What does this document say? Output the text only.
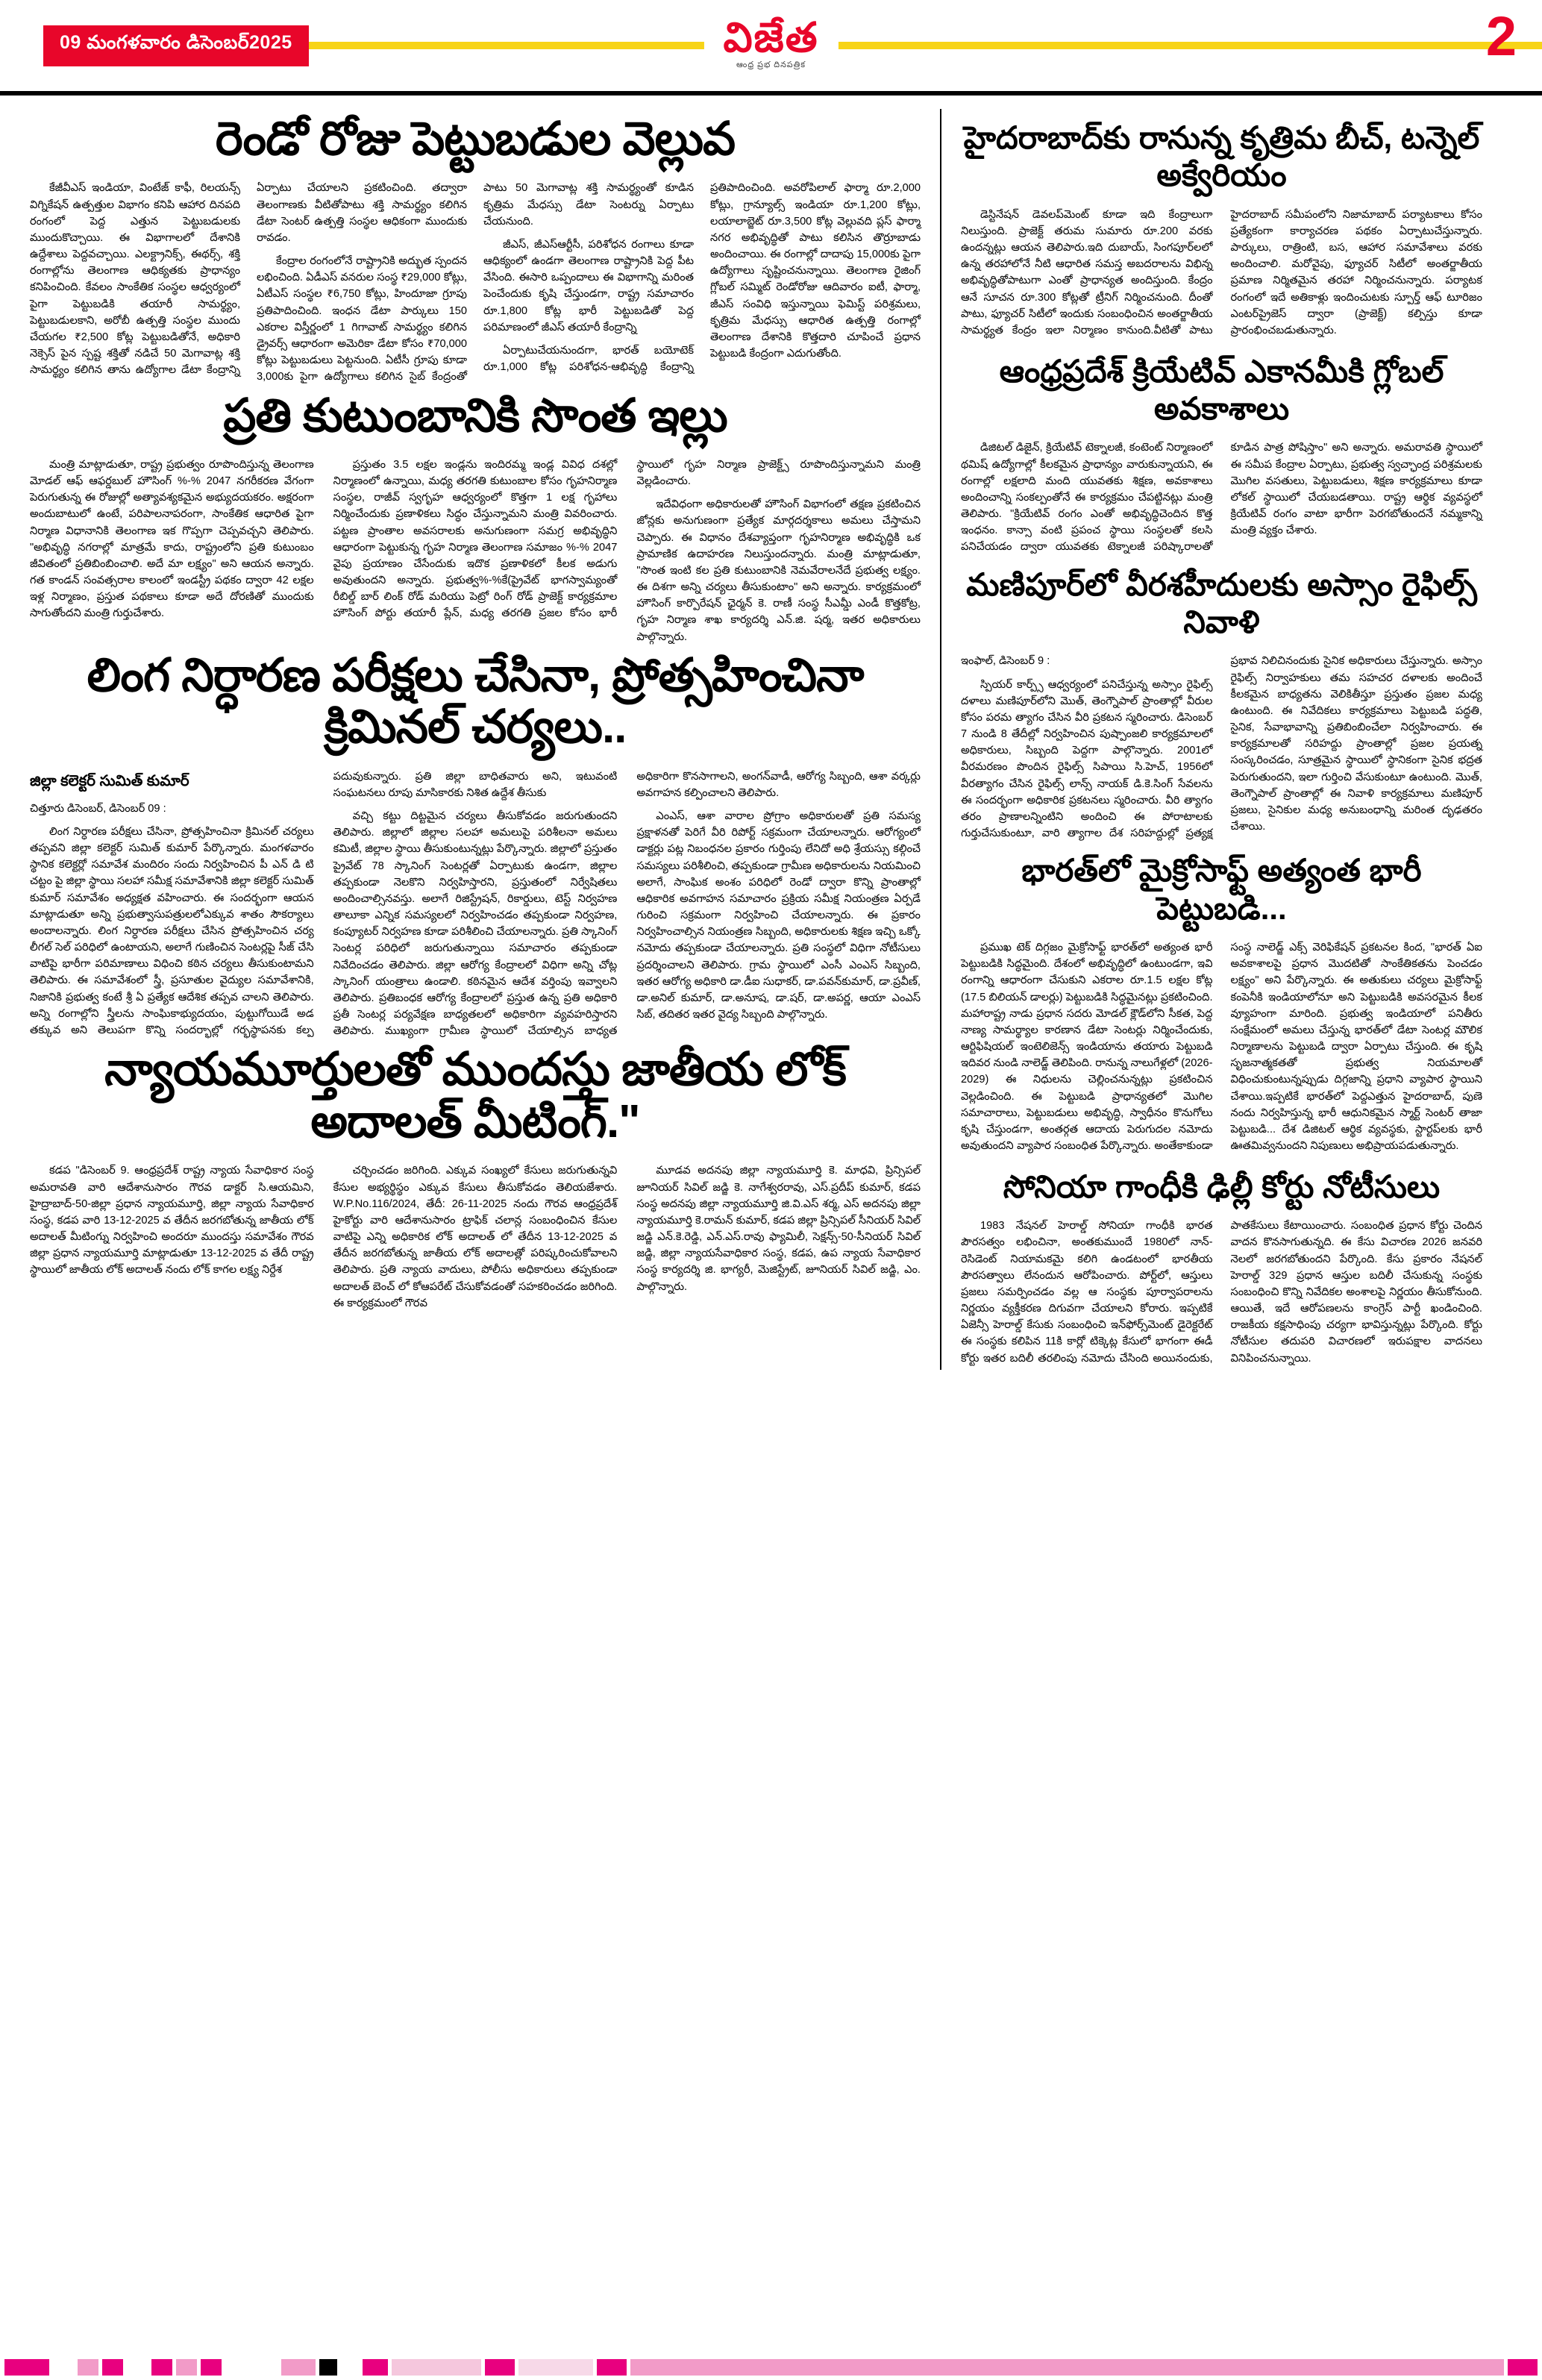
09 మంగళవారం డిసెంబర్2025	విజేత
ఆంధ్ర ప్రభ దినపత్రిక	2
రెండో రోజు పెట్టుబడుల వెల్లువ

కేజీవీఎస్ ఇండియా, వింటేజ్ కాఫీ, రిలయన్స్ విగ్నికేషన్ ఉత్పత్తుల విభాగం కనిపి ఆహార దినపది రంగంలో పెద్ద ఎత్తున పెట్టుబడులకు ముందుకొచ్చాయి. ఈ విభాగాలలో దేశానికి ఉద్దేశాలు పెద్దవచ్చాయి. ఎలక్ట్రానిక్స్, ఈథర్స్, శక్తి రంగాల్లోను తెలంగాణ ఆధిక్యతకు ప్రాధాన్యం కనిపించింది. కేవలం సాంకేతిక సంస్థల ఆధ్వర్యంలో పైగా పెట్టుబడికి తయారీ సామర్థ్యం, పెట్టుబడులకాని, అరోబీ ఉత్పత్తి సంస్థల ముందు చేయగల ₹2,500 కోట్ల పెట్టుబడితోనే, అధికారి నెక్సెస్ పైన స్పష్ట శక్తితో నడిచే 50 మెగావాట్ల శక్తి సామర్థ్యం కలిగిన తాను ఉద్యోగాల డేటా కేంద్రాన్ని ఏర్పాటు చేయాలని ప్రకటించింది. తద్వారా తెలంగాణకు వీటితోపాటు శక్తి సామర్థ్యం కలిగిన డేటా సెంటర్ ఉత్పత్తి సంస్థల ఆధికంగా ముందుకు రావడం.

కేంద్రాల రంగంలోనే రాష్ట్రానికి అద్భుత స్పందన లభించింది. ఏడీఎస్ వనరుల సంస్థ ₹29,000 కోట్లు, ఏటీఎస్ సంస్థల ₹6,750 కోట్లు, హిందూజా గ్రూపు ప్రతిపాదించింది. ఇంధన డేటా పార్కులు 150 ఎకరాల విస్తీర్ణంలో 1 గిగావాట్ సామర్థ్యం కలిగిన డ్రైవర్స్ ఆధారంగా అమెరికా డేటా కోసం ₹70,000 కోట్లు పెట్టుబడులు పెట్టనుంది. ఏటీసీ గ్రూపు కూడా 3,000కు పైగా ఉద్యోగాలు కలిగిన సైబ్ కేంద్రంతో పాటు 50 మెగావాట్ల శక్తి సామర్థ్యంతో కూడిన కృత్రిమ మేధస్సు డేటా సెంటర్ను ఏర్పాటు చేయనుంది.

జీఎస్, జీఎస్ఆర్టీసీ, పరిశోధన రంగాలు కూడా ఆధిక్యంలో ఉండగా తెలంగాణ రాష్ట్రానికి పెద్ద పీట వేసింది. ఈసారి ఒప్పందాలు ఈ విభాగాన్ని మరింత పెంచేందుకు కృషి చేస్తుండగా, రాష్ట్ర సమాచారం రూ.1,800 కోట్ల భారీ పెట్టుబడితో పెద్ద పరిమాణంలో జీఎస్ తయారీ కేంద్రాన్ని

ఏర్పాటుచేయనుందగా, భారత్ బయోటెక్ రూ.1,000 కోట్ల పరిశోధన-ఆభివృద్ధి కేంద్రాన్ని ప్రతిపాదించింది. అవరోపిలాల్ ఫార్మా రూ.2,000 కోట్లు, గ్రాన్యూల్స్ ఇండియా రూ.1,200 కోట్లు, లయాలాబ్జెట్ రూ.3,500 కోట్ల వెల్లువది ప్లస్ ఫార్మా నగర అభివృద్ధితో పాటు కలిసిన తొర్రూబాడు అందించాయి. ఈ రంగాల్లో దాదాపు 15,000కు పైగా ఉద్యోగాలు సృష్టించనున్నాయి. తెలంగాణ రైజింగ్ గ్లోబల్ సమ్మిట్ రెండోరోజు ఆదివారం ఐటీ, ఫార్మా, జీఎస్ సంవిధి ఇస్తున్నాయి ఫెమిస్ట్ పరిశ్రమలు, కృత్రిమ మేధస్సు ఆధారిత ఉత్పత్తి రంగాల్లో తెలంగాణ దేశానికి కొత్తదారి చూపించే ప్రధాన పెట్టుబడి కేంద్రంగా ఎదుగుతోంది.

ప్రతి కుటుంబానికి సొంత ఇల్లు

మంత్రి మాట్లాడుతూ, రాష్ట్ర ప్రభుత్వం రూపొందిస్తున్న తెలంగాణ మోడల్ ఆఫ్ ఆఫర్డబుల్ హౌసింగ్ %-% 2047 నగరీకరణ వేగంగా పెరుగుతున్న ఈ రోజుల్లో అత్యావశ్యకమైన అభ్యుదయకరం. అక్షరంగా అందుబాటులో ఉంటే, పరిపాలనాపరంగా, సాంకేతిక ఆధారిత పైగా నిర్మాణ విధానానికి తెలంగాణ ఇక గొప్పగా చెప్పవచ్చని తెలిపారు. "అభివృద్ధి నగరాల్లో మాత్రమే కాదు, రాష్ట్రంలోని ప్రతి కుటుంబం జీవితంలో ప్రతిబింబించాలి. అదే మా లక్ష్యం" అని ఆయన అన్నారు. గత కాండన్ సంవత్సరాల కాలంలో ఇండస్ట్రీ పథకం ద్వారా 42 లక్షల ఇళ్ల నిర్మాణం, ప్రస్తుత పథకాలు కూడా అదే దోరణితో ముందుకు సాగుతోందని మంత్రి గుర్తుచేశారు.

ప్రస్తుతం 3.5 లక్షల ఇండ్లను ఇందిరమ్మ ఇండ్ల వివిధ దశల్లో నిర్మాణంలో ఉన్నాయి, మధ్య తరగతి కుటుంబాల కోసం గృహనిర్మాణ సంస్థల, రాజీవ్ స్వగృహ ఆధ్వర్యంలో కొత్తగా 1 లక్ష గృహాలు నిర్మించేందుకు ప్రణాళికలు సిద్ధం చేస్తున్నామని మంత్రి వివరించారు. పట్టణ ప్రాంతాల అవసరాలకు అనుగుణంగా సమగ్ర అభివృద్ధిని ఆధారంగా పెట్టుకున్న గృహ నిర్మాణ తెలంగాణ సమాజం %-% 2047 వైపు ప్రయాణం చేసేందుకు ఇదొక ప్రణాళికలో కీలక అడుగు అవుతుందని అన్నారు. ప్రభుత్వ%-%కే(ప్రైవేట్ భాగస్వామ్యంతో రీబిల్డ్ బార్ లింక్ రోడ్ మరియు పెట్రో రింగ్ రోడ్ ప్రాజెక్ట్ కార్యక్రమాల హౌసింగ్ పోర్టు తయారీ ప్లేన్, మధ్య తరగతి ప్రజల కోసం భారీ స్థాయిలో గృహ నిర్మాణ ప్రాజెక్ట్స్ రూపొందిస్తున్నామని మంత్రి వెల్లడించారు.

ఇదేవిధంగా అధికారులతో హౌసింగ్ విభాగంలో తక్షణ ప్రకటించిన జోన్లకు అనుగుణంగా ప్రత్యేక మార్గదర్శకాలు అమలు చేస్తామని చెప్పారు. ఈ విధానం దేశవ్యాప్తంగా గృహనిర్మాణ అభివృద్ధికి ఒక ప్రామాణిక ఉదాహరణ నిలుస్తుందన్నారు. మంత్రి మాట్లాడుతూ, "సొంత ఇంటి కల ప్రతి కుటుంబానికి నెమవేరాలనేదే ప్రభుత్వ లక్ష్యం. ఈ దిశగా అన్ని చర్యలు తీసుకుంటాం" అని అన్నారు. కార్యక్రమంలో హౌసింగ్ కార్పొరేషన్ ఛైర్మన్ కె. రాణీ సంస్థ సీఎమ్డీ ఎండీ కొత్తకోట్ర, గృహ నిర్మాణ శాఖ కార్యదర్శి ఎన్.జి. షర్మ, ఇతర అధికారులు పాల్గొన్నారు.

లింగ నిర్ధారణ పరీక్షలు చేసినా, ప్రోత్సహించినా క్రిమినల్ చర్యలు..
జిల్లా కలెక్టర్ సుమిత్ కుమార్

చిత్తూరు డిసెంబర్, డిసెంబర్ 09 :

లింగ నిర్ధారణ పరీక్షలు చేసినా, ప్రోత్సహించినా క్రిమినల్ చర్యలు తప్పవని జిల్లా కలెక్టర్ సుమిత్ కుమార్ పేర్కొన్నారు. మంగళవారం స్థానిక కలెక్టర్లో సమావేశ మందిరం సందు నిర్వహించిన పీ ఎన్ డి టి చట్టం పై జిల్లా స్థాయి సలహా సమీక్ష సమావేశానికి జిల్లా కలెక్టర్ సుమిత్ కుమార్ సమావేశం అధ్యక్షత వహించారు. ఈ సందర్భంగా ఆయన మాట్లాడుతూ అన్ని ప్రభుత్వాసుపత్రులలోఎక్కువ శాతం సౌకర్యాలు అందాలన్నారు. లింగ నిర్ధారణ పరీక్షలు చేసిన ప్రోత్సహించిన చర్య లీగల్ సెల్ పరిధిలో ఉంటాయని, అలాగే గుణించిన సెంటర్లపై సీజ్ చేసి వాటిపై భారీగా పరిమాణాలు విధించి కఠిన చర్యలు తీసుకుంటామని తెలిపారు. ఈ సమావేశంలో స్త్రీ, ప్రసూతుల వైద్యుల సమావేశానికి, నిజానికి ప్రభుత్వ కంటే శ్రీ ఏ ప్రత్యేక ఆదేశిక తప్పవ చాలని తెలిపారు. అన్ని రంగాల్లోని స్త్రీలను సాంఘికాభ్యుదయం, పుట్టుగోయిడే అడ తక్కువ అని తెలుపగా కొన్ని సందర్భాల్లో గర్భస్థాపనకు కల్ప పదువుకున్నారు. ప్రతి జిల్లా బాధితవారు అని, ఇటువంటి సంఘటనలు రూపు మాసికారకు నిశిత ఉద్దేశ తీసుకు

వచ్చి కట్టు దిట్టమైన చర్యలు తీసుకోవడం జరుగుతుందని తెలిపారు. జిల్లాలో జిల్లాల సలహా అమలుపై పరిశీలనా అమలు కమిటీ, జిల్లాల స్థాయి తీసుకుంటున్నట్లు పేర్కొన్నారు. జిల్లాలో ప్రస్తుతం ప్రైవేట్ 78 స్కానింగ్ సెంటర్లతో ఏర్పాటుకు ఉండగా, జిల్లాల తప్పకుండా నెలకొని నిర్వహిస్తారని, ప్రస్తుతంలో నిర్వేషితలు అందించాల్సినవస్తు. అలాగే రిజిస్ట్రేషన్, రికార్డులు, టెస్ట్ నిర్వహణ తాలూకా ఎన్నిక సమస్యలలో నిర్వహించడం తప్పకుండా నిర్వహణ, కంప్యూటర్ నిర్వహణ కూడా పరిశీలించి చేయాలన్నారు. ప్రతి స్కానింగ్ సెంటర్ల పరిధిలో జరుగుతున్నాయి సమాచారం తప్పకుండా నివేదించడం తెలిపారు. జిల్లా ఆరోగ్య కేంద్రాలలో విధిగా అన్ని చోట్ల స్కానింగ్ యంత్రాలు ఉండాలి. కఠినమైన ఆదేశ వర్తింపు ఇవ్వాలని తెలిపారు. ప్రతిబంధక ఆరోగ్య కేంద్రాలలో ప్రస్తుత ఉన్న ప్రతి అధికారి ప్రతీ సెంటర్ల పర్యవేక్షణ బాధ్యతలలో అధికారిగా వ్యవహరిస్తారని తెలిపారు. ముఖ్యంగా గ్రామీణ స్థాయిలో చేయాల్సిన బాధ్యత అధికారిగా కొనసాగాలని, అంగన్‌వాడీ, ఆరోగ్య సిబ్బంది, ఆశా వర్కర్లు అవగాహన కల్పించాలని తెలిపారు.

ఎంఎస్, ఆశా వారాల ప్రోగ్రాం అధికారులతో ప్రతి సమస్య ప్రక్షాళనతో పెరిగే వీరి రిపోర్ట్ సక్రమంగా చేయాలన్నారు. ఆరోగ్యంలో డాక్టర్లు పట్ల నిబంధనల ప్రకారం గుర్తింపు లేనిదో అధి శ్రేయస్సు కల్గించే సమస్యలు పరిశీలించి, తప్పకుండా గ్రామీణ అధికారులను నియమించి అలాగే, సాంఘిక అంశం పరిధిలో రెండో ద్వారా కొన్ని ప్రాంతాల్లో ఆధికారిక అవగాహన సమాచారం ప్రక్రియ సమీక్ష నియంత్రణ ఏర్పడే గురించి సక్రమంగా నిర్వహించి చేయాలన్నారు. ఈ ప్రకారం నిర్వహించాల్సిన నియంత్రణ సిబ్బంది, అధికారులకు శిక్షణ ఇచ్చి ఒక్కో నమోదు తప్పకుండా చేయాలన్నారు. ప్రతి సంస్థలో విధిగా నోటీసులు ప్రదర్శించాలని తెలిపారు. గ్రామ స్థాయిలో ఎంసీ ఎంఎస్ సిబ్బంది, ఇతర ఆరోగ్య అధికారి డా.డీఐ సుధాకర్, డా.పవన్‌కుమార్, డా.ప్రవీణ్, డా.అనిల్ కుమార్, డా.అనూష, డా.షర్, డా.అపర్ణ, ఆయా ఎంఎస్ సిబ్, తదితర ఇతర వైద్య సిబ్బంది పాల్గొన్నారు.

న్యాయమూర్తులతో ముందస్తు జాతీయ లోక్ అదాలత్ మీటింగ్."

కడప "డిసెంబర్ 9. ఆంధ్రప్రదేశ్ రాష్ట్ర న్యాయ సేవాధికార సంస్థ అమరావతి వారి ఆదేశానుసారం గౌరవ డాక్టర్ సి.ఆయమిని, హైద్రాబాద్-50-జిల్లా ప్రధాన న్యాయమూర్తి, జిల్లా న్యాయ సేవాధికార సంస్థ, కడప వారి 13-12-2025 వ తేదీన జరగబోతున్న జాతీయ లోక్ అదాలత్ మీటింగ్ను నిర్వహించి అందరూ ముందస్తు సమావేశం గౌరవ జిల్లా ప్రధాన న్యాయమూర్తి మాట్లాడుతూ 13-12-2025 వ తేదీ రాష్ట్ర స్థాయిలో జాతీయ లోక్ అదాలత్ నందు లోక్ కాగల లక్ష్య నిర్దేశ

చర్చించడం జరిగింది. ఎక్కువ సంఖ్యలో కేసులు జరుగుతున్నవి కేసుల అభ్యర్థిస్థం ఎక్కువ కేసులు తీసుకోవడం తెలియజేశారు. W.P.No.116/2024, తేదీ: 26-11-2025 నందు గౌరవ ఆంధ్రప్రదేశ్ హైకోర్టు వారి ఆదేశానుసారం ట్రాఫిక్ చలాన్ల సంబంధించిన కేసుల వాటిపై ఎన్ని అధికారిక లోక్ అదాలత్ లో తేదీన 13-12-2025 వ తేదీన జరగబోతున్న జాతీయ లోక్ అదాలత్లో పరిష్కరించుకోవాలని తెలిపారు. ప్రతి న్యాయ వాదులు, పోలీసు అధికారులు తప్పకుండా అదాలత్ బెంచ్ లో కోఆపరేట్ చేసుకోవడంతో సహకరించడం జరిగింది. ఈ కార్యక్రమంలో గౌరవ

మూడవ అదనపు జిల్లా న్యాయమూర్తి కె. మాధవి, ప్రిన్సిపల్ జూనియర్ సివిల్ జడ్జి కె. నాగేశ్వరరావు, ఎస్.ప్రదీప్ కుమార్, కడప సంస్థ అదనపు జిల్లా న్యాయమూర్తి జి.వి.ఎస్ శర్మ, ఎస్ అదనపు జిల్లా న్యాయమూర్తి కె.రామన్ కుమార్, కడప జిల్లా ప్రిన్సిపల్ సీనియర్ సివిల్ జడ్జి ఎన్.కె.రెడ్డి, ఎన్.ఎస్.రావు ఫ్యామిలీ, సెక్షన్స్-50-సీనియర్ సివిల్ జడ్జి, జిల్లా న్యాయసేవాధికార సంస్థ, కడప, ఉప న్యాయ సేవాధికార సంస్థ కార్యదర్శి జి. భాగ్యరీ, మెజిస్ట్రేట్, జూనియర్ సివిల్ జడ్జి, ఎం. పాల్గొన్నారు.

హైదరాబాద్‌కు రానున్న కృత్రిమ బీచ్, టన్నెల్ అక్వేరియం

డెస్టినేషన్ డెవలప్‌మెంట్ కూడా ఇది కేంద్రాలుగా నిలుస్తుంది. ప్రాజెక్ట్ తరుమ సుమారు రూ.200 వరకు ఉందన్నట్లు ఆయన తెలిపారు.ఇది దుబాయ్, సింగపూర్‌లలో ఉన్న తరహాలోనే నీటి ఆధారిత సమస్త అబదరాలను విభిన్న అభివృద్ధితోపాటుగా ఎంతో ప్రాధాన్యత అందిస్తుంది. కేంద్రం ఆనే సూచన రూ.300 కోట్లతో ట్రీనిగ్ నిర్మించనుంది. దీంతో పాటు, ఫ్యూచర్ సిటీలో ఇందుకు సంబంధించిన అంతర్జాతీయ సామర్థ్యత కేంద్రం ఇలా నిర్మాణం కానుంది.వీటితో పాటు హైదరాబాద్ సమీపంలోని నిజామాబాద్ పర్యాటకాలు కోసం ప్రత్యేకంగా కార్యాచరణ పథకం ఏర్పాటుచేస్తున్నారు. పార్కులు, రాత్రింటి, బస, ఆహార సమావేశాలు వరకు అందించాలి. మరోవైపు, ఫ్యూచర్ సిటీలో అంతర్జాతీయ ప్రమాణ నిర్మితమైన తరహా నిర్మించనున్నారు. పర్యాటక రంగంలో ఇదే అతికాళ్లు ఇందించుటకు స్పూర్త్ ఆఫ్ టూరిజం ఎంటర్‌ప్రైజెస్ ద్వారా (ప్రాజెక్ట్) కల్పిస్తు కూడా ప్రారంభించబడుతున్నారు.

ఆంధ్రప్రదేశ్ క్రియేటివ్ ఎకానమీకి గ్లోబల్ అవకాశాలు

డిజిటల్ డిజైన్, క్రియేటివ్ టెక్నాలజీ, కంటెంట్ నిర్మాణంలో థమిష్ ఉద్యోగాల్లో కీలకమైన ప్రాధాన్యం వారుకున్నాయని, ఈ రంగాల్లో లక్షలాది మంది యువతకు శిక్షణ, అవకాశాలు అందించాన్ని సంకల్పంతోనే ఈ కార్యక్రమం చేపట్టినట్లు మంత్రి తెలిపారు. "క్రియేటివ్ రంగం ఎంతో అభివృద్ధిచెందిన కొత్త ఇంధనం. కాన్సా వంటి ప్రపంచ స్థాయి సంస్థలతో కలసి పనిచేయడం ద్వారా యువతకు టెక్నాలజీ పరిష్కారాలతో కూడిన పాత్ర పోషిస్తాం" అని అన్నారు. అమరావతి స్థాయిలో ఈ సమీప కేంద్రాల ఏర్పాటు, ప్రభుత్వ స్వచ్ఛాంద్ర పరిశ్రమలకు మొగిల వసతులు, పెట్టుబడులు, శిక్షణ కార్యక్రమాలు కూడా లోకల్ స్థాయిలో చేయబడతాయి. రాష్ట్ర ఆర్థిక వ్యవస్థలో క్రియేటివ్ రంగం వాటా భారీగా పెరగబోతుందనే నమ్మకాన్ని మంత్రి వ్యక్తం చేశారు.

మణిపూర్‌లో వీరశహీదులకు అస్సాం రైఫిల్స్ నివాళి

ఇంఫాల్, డిసెంబర్ 9 :

స్పియర్ కార్ప్స్ ఆధ్వర్యంలో పనిచేస్తున్న అస్సాం రైఫిల్స్ దళాలు మణిపూర్‌లోని మొత్, తెంగ్నౌపాల్ ప్రాంతాల్లో వీరుల కోసం పరమ త్యాగం చేసిన వీరి ప్రకటన స్మరించారు. డిసెంబర్ 7 నుండి 8 తేదీల్లో నిర్వహించిన పుష్పాంజలి కార్యక్రమాలలో అధికారులు, సిబ్బంది పెద్దగా పాల్గొన్నారు. 2001లో వీరమరణం పొందిన రైఫిల్స్ సిపాయి సి.హెచ్, 1956లో వీరత్యాగం చేసిన రైఫిల్స్ లాన్స్ నాయక్ డి.కె.సింగ్ సేవలను ఈ సందర్భంగా అధికారిక ప్రకటనలు స్మరించారు. వీరి త్యాగం తరం ప్రాణాలన్నింటిని అందించి ఈ పోరాటాలకు గుర్తుచేసుకుంటూ, వారి త్యాగాల దేశ సరిహద్దుల్లో ప్రత్యక్ష ప్రభావ నిలిచినందుకు సైనిక అధికారులు చేస్తున్నారు. అస్సాం రైఫిల్స్ నిర్వాహకులు తమ సహచర దళాలకు అందించే కీలకమైన బాధ్యతను వెలికితీస్తూ ప్రస్తుతం ప్రజల మధ్య ఉంటుంది. ఈ నివేదికలు కార్యక్రమాలు పెట్టుబడి పద్ధతి, సైనిక, సేవాభావాన్ని ప్రతిబింబించేలా నిర్వహించారు. ఈ కార్యక్రమాలతో సరిహద్దు ప్రాంతాల్లో ప్రజల ప్రయత్న సంస్కరించడం, సూత్రమైన స్థాయిలో స్థానికంగా సైనిక భద్రత పెరుగుతుందని, ఇలా గుర్తించి వేసుకుంటూ ఉంటుంది. మొత్, తెంగ్నౌపాల్ ప్రాంతాల్లో ఈ నివాళి కార్యక్రమాలు మణిపూర్ ప్రజలు, సైనికుల మధ్య అనుబంధాన్ని మరింత దృఢతరం చేశాయి.

భారత్‌లో మైక్రోసాఫ్ట్ అత్యంత భారీ పెట్టుబడి...

ప్రముఖ టెక్ దిగ్గజం మైక్రోసాఫ్ట్ భారత్‌లో అత్యంత భారీ పెట్టుబడికి సిద్ధమైంది. దేశంలో అభివృద్ధిలో ఉంటుండగా, ఇవి రంగాన్ని ఆధారంగా చేసుకుని ఎకరాల రూ.1.5 లక్షల కోట్ల (17.5 బిలియన్ డాలర్లు) పెట్టుబడికి సిద్ధమైనట్లు ప్రకటించింది. మహారాష్ట్ర నాడు ప్రధాన సదరు మోడల్ క్లౌడ్‌లోని సీకత, పెద్ద నాణ్య సామర్థ్యాల కారణాన డేటా సెంటర్లు నిర్మించేందుకు, ఆర్టిఫిషియల్ ఇంటెలిజెన్స్ ఇండియాను తయారు పెట్టుబడి ఇదివర నుండి నాలెడ్జ్ తెలిపింది. రానున్న నాలుగేళ్లలో (2026-2029) ఈ నిధులను చెల్లించనున్నట్లు ప్రకటించిన వెల్లడించింది. ఈ పెట్టుబడి ప్రాధాన్యతలో మొగిల సమాచారాలు, పెట్టుబడులు అభివృద్ధి, స్వాధీనం కొనుగోలు కృషి చేస్తుండగా, అంతర్గత ఆదాయ పెరుగుదల నమోదు అవుతుందని వ్యాపార సంబంధిత పేర్కొన్నారు. అంతేకాకుండా సంస్థ నాలెడ్జ్ ఎక్స్ వెరిఫికేషన్ ప్రకటనల కింద, "భారత్ ఏఐ అవకాశాలపై ప్రధాన మొదటితో సాంకేతికతను పెంచడం లక్ష్యం" అని పేర్కొన్నారు. ఈ అతుకులు చర్యలు మైక్రోసాఫ్ట్ కంపెనీకి ఇండియాలోనూ అని పెట్టుబడికి అవసరమైన కీలక వ్యూహంగా మారింది. ప్రభుత్వ ఇండియాలో పనితీరు సంక్షేమంలో అమలు చేస్తున్న భారత్‌లో డేటా సెంటర్ల మౌలిక నిర్మాణాలను పెట్టుబడి ద్వారా ఏర్పాటు చేస్తుంది. ఈ కృషి సృజనాత్మకతతో ప్రభుత్వ నియమాలతో విధించుకుంటున్నప్పుడు దిగ్గజాన్ని ప్రధాని వ్యాపార స్థాయిని చేశాయి.ఇప్పటికే భారత్‌లో పెద్దఎత్తున హైదరాబాద్, పుణె నందు నిర్వహిస్తున్న భారీ ఆధునికమైన స్మార్ట్ సెంటర్ తాజా పెట్టుబడి... దేశ డిజిటల్ ఆర్థిక వ్యవస్థకు, స్టార్టప్‌లకు భారీ ఊతమివ్వనుందని నిపుణులు అభిప్రాయపడుతున్నారు.

సోనియా గాంధీకి ఢిల్లీ కోర్టు నోటీసులు

1983 నేషనల్ హెరాల్డ్ సోనియా గాంధీకి భారత పౌరసత్వం లభించినా, అంతకుముందే 1980లో నాన్-రెసిడెంట్ నియామకమై కలిగి ఉండటంలో భారతీయ పౌరసత్వాలు లేనందున ఆరోపించారు. పోర్ట్‌లో, ఆస్తులు ప్రజలు సమర్పించడం వల్ల ఆ సంస్థకు పూర్వాపరాలను నిర్ణయం వ్యక్తీకరణ దిగువగా చేయాలని కోరారు. ఇప్పటికే ఏజెన్సీ హెరాల్డ్ కేసుకు సంబంధించి ఇన్‌ఫోర్స్‌మెంట్ డైరెక్టరేట్ ఈ సంస్థకు కలిపిన 11కి కార్లో టిక్కెట్ల కేసులో భాగంగా ఈడీ కోర్టు ఇతర బదిలీ తరలింపు నమోదు చేసింది అయినందుకు, పాతకేసులు కేటాయించారు. సంబంధిత ప్రధాన కోర్టు చెందిన వాదన కొనసాగుతున్నది. ఈ కేసు విచారణ 2026 జనవరి నెలలో జరగబోతుందని పేర్కొంది. కేసు ప్రకారం నేషనల్ హెరాల్డ్ 329 ప్రధాన ఆస్తుల బదిలీ చేసుకున్న సంస్థకు సంబంధించి కొన్ని నివేదికల అంశాలపై నిర్ణయం తీసుకోనుంది. ఆయితే, ఇదే ఆరోపణలను కాంగ్రెస్ పార్టీ ఖండించింది. రాజకీయ కక్షసాధింపు చర్యగా భావిస్తున్నట్లు పేర్కొంది. కోర్టు నోటీసుల తదుపరి విచారణలో ఇరుపక్షాల వాదనలు వినిపించనున్నాయి.
